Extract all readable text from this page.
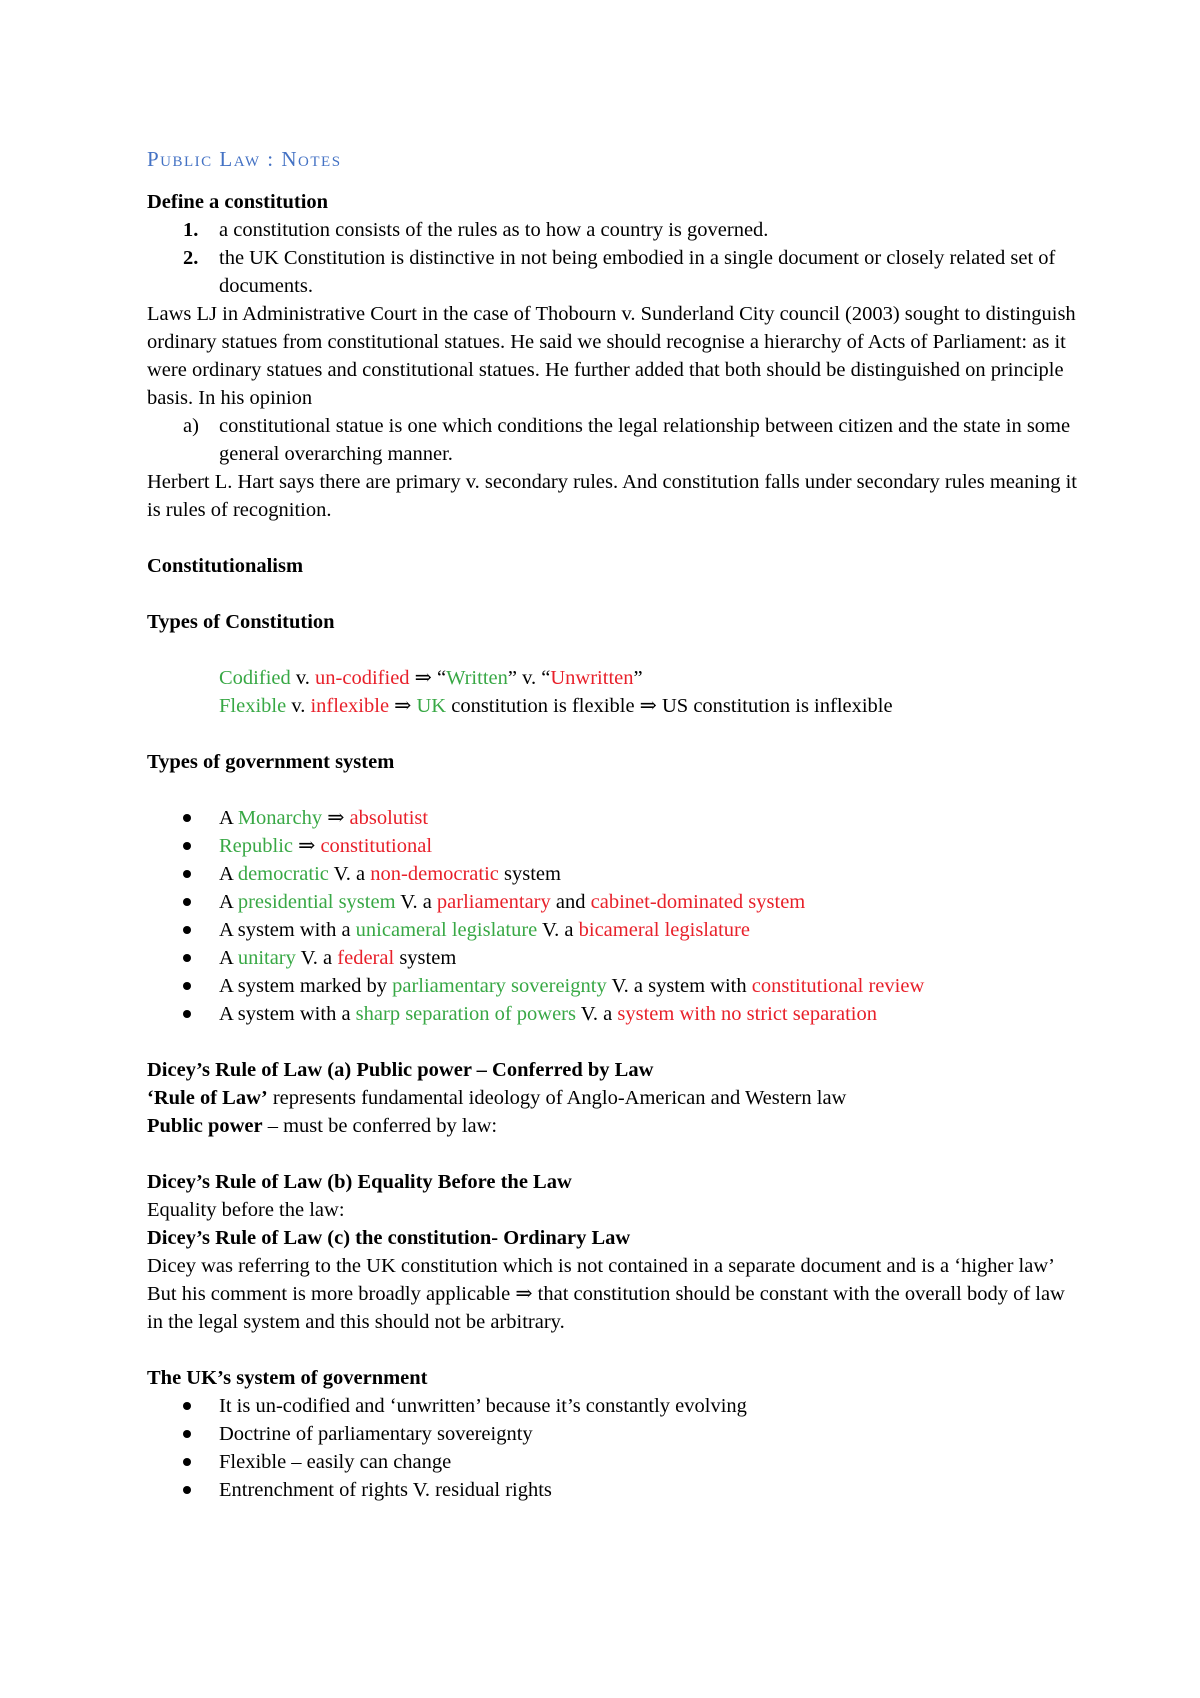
Public Law : Notes
Define a constitution
1. a constitution consists of the rules as to how a country is governed.
2. the UK Constitution is distinctive in not being embodied in a single document or closely related set of documents.
Laws LJ in Administrative Court in the case of Thobourn v. Sunderland City council (2003) sought to distinguish ordinary statues from constitutional statues. He said we should recognise a hierarchy of Acts of Parliament: as it were ordinary statues and constitutional statues. He further added that both should be distinguished on principle basis. In his opinion
a) constitutional statue is one which conditions the legal relationship between citizen and the state in some general overarching manner.
Herbert L. Hart says there are primary v. secondary rules. And constitution falls under secondary rules meaning it is rules of recognition.
Constitutionalism
Types of Constitution
Codified v. un-codified ⇒ “Written” v. “Unwritten”
Flexible v. inflexible ⇒ UK constitution is flexible ⇒ US constitution is inflexible
Types of government system
A Monarchy ⇒ absolutist
Republic ⇒ constitutional
A democratic V. a non-democratic system
A presidential system V. a parliamentary and cabinet-dominated system
A system with a unicameral legislature V. a bicameral legislature
A unitary V. a federal system
A system marked by parliamentary sovereignty V. a system with constitutional review
A system with a sharp separation of powers V. a system with no strict separation
Dicey’s Rule of Law (a) Public power – Conferred by Law
‘Rule of Law’ represents fundamental ideology of Anglo-American and Western law
Public power – must be conferred by law:
Dicey’s Rule of Law (b) Equality Before the Law
Equality before the law:
Dicey’s Rule of Law (c) the constitution- Ordinary Law
Dicey was referring to the UK constitution which is not contained in a separate document and is a ‘higher law’
But his comment is more broadly applicable ⇒ that constitution should be constant with the overall body of law in the legal system and this should not be arbitrary.
The UK’s system of government
It is un-codified and ‘unwritten’ because it’s constantly evolving
Doctrine of parliamentary sovereignty
Flexible – easily can change
Entrenchment of rights V. residual rights
